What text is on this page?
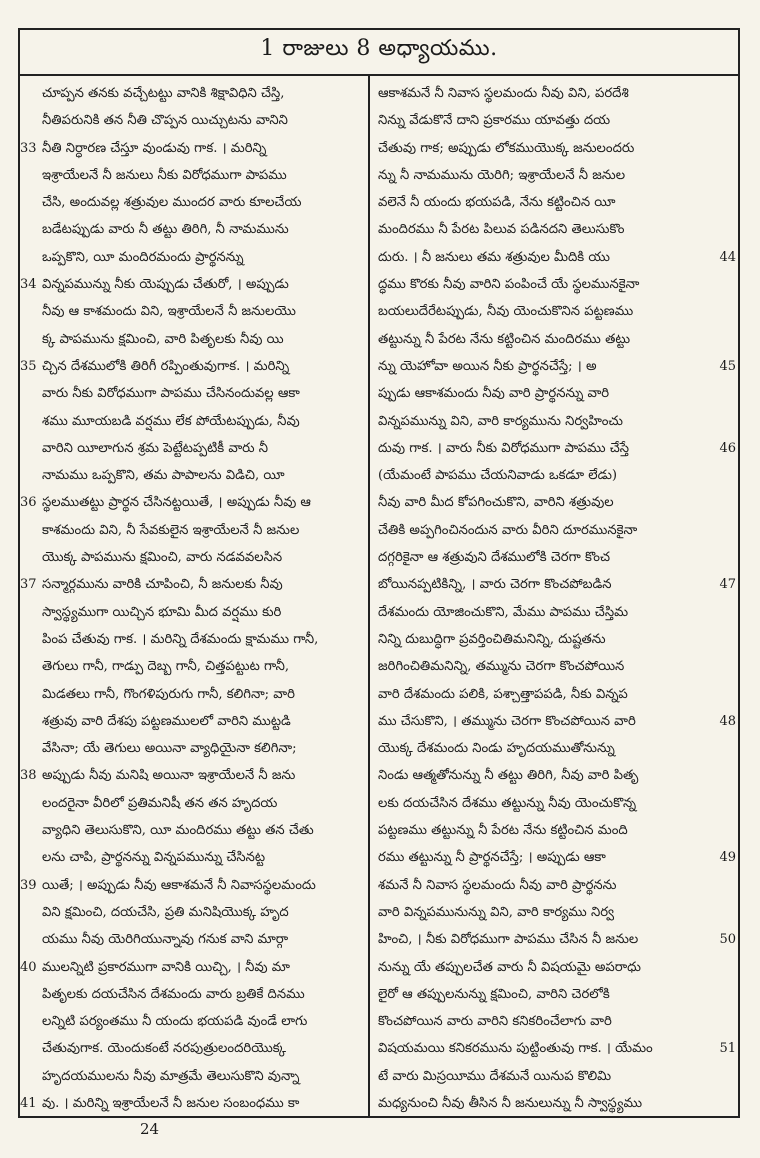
1 రాజులు 8 అధ్యాయము.
చూప్పన తనకు వచ్చేటట్టు వానికి శిక్షావిధిని చేస్తి,
నీతిపరునికి తన నీతి చొప్పన యిచ్చుటను వానిని
33 నీతి నిర్ధారణ చేస్తూ వుండువు గాక. । మరిన్ని
ఇశ్రాయేలనే నీ జనులు నీకు విరోధముగా పాపము
చేసి, అందువల్ల శత్రువుల ముందర వారు కూలచేయ
బడేటప్పుడు వారు నీ తట్టు తిరిగి, నీ నామమును
ఒప్పకొని, యీ మందిరమందు ప్రార్థనన్ను
34 విన్నపమున్ను నీకు యెప్పుడు చేతురో, । అప్పుడు
నీవు ఆ కాశమందు విని, ఇశ్రాయేలనే నీ జనులయొ
క్క పాపమును క్షమించి, వారి పితృలకు నీవు యి
35 చ్చిన దేశములోకి తిరిగీ రప్పింతువుగాక. । మరిన్ని
వారు నీకు విరోధముగా పాపము చేసినందువల్ల ఆకా
శము మూయబడి వర్షము లేక పోయేటప్పుడు, నీవు
వారిని యీలాగున శ్రమ పెట్టేటప్పటికీ వారు నీ
నామము ఒప్పకొని, తమ పాపాలను విడిచి, యీ
36 స్థలముతట్టు ప్రార్థన చేసినట్టయితే, । అప్పుడు నీవు ఆ
కాశమందు విని, నీ సేవకులైన ఇశ్రాయేలనే నీ జనుల
యొక్క పాపమును క్షమించి, వారు నడవవలసిన
37 సన్మార్గమును వారికి చూపించి, నీ జనులకు నీవు
స్వాస్థ్యముగా యిచ్చిన భూమి మీద వర్షము కురి
పింప చేతువు గాక. । మరిన్ని దేశమందు క్షామము గానీ,
తెగులు గానీ, గాడ్పు దెబ్బ గానీ, చిత్తపట్టుట గానీ,
మిడతలు గానీ, గొంగళిపురుగు గానీ, కలిగినా; వారి
శత్రువు వారి దేశపు పట్టణములలో వారిని ముట్టడి
వేసినా; యే తెగులు అయినా వ్యాధియైనా కలిగినా;
38 అప్పుడు నీవు మనిషి అయినా ఇశ్రాయేలనే నీ జను
లందరైనా వీరిలో ప్రతిమనిషీ తన తన హృదయ
వ్యాధిని తెలుసుకొని, యీ మందిరము తట్టు తన చేతు
లను చాపి, ప్రార్థనన్ను విన్నపమున్ను చేసినట్ట
39 యితే; । అప్పుడు నీవు ఆకాశమనే నీ నివాసస్థలమందు
విని క్షమించి, దయచేసి, ప్రతి మనిషియొక్క హృద
యము నీవు యెరిగియున్నావు గనుక వాని మార్గా
40 ములన్నిటి ప్రకారముగా వానికి యిచ్చి, । నీవు మా
పితృలకు దయచేసిన దేశమందు వారు బ్రతికే దినము
లన్నిటి పర్యంతము నీ యందు భయపడి వుండే లాగు
చేతువుగాక. యెందుకంటే నరపుత్రులందరియొక్క
హృదయములను నీవు మాత్రమే తెలుసుకొని వున్నా
41 వు. । మరిన్ని ఇశ్రాయేలనే నీ జనుల సంబంధము కా
ఆకాశమనే నీ నివాస స్థలమందు నీవు విని, పరదేశి
నిన్ను వేడుకొనే దాని ప్రకారము యావత్తు దయ
చేతువు గాక; అప్పుడు లోకముయొక్క జనులందరు
న్ను నీ నామమును యెరిగి; ఇశ్రాయేలనే నీ జనుల
వలెనే నీ యందు భయపడి, నేను కట్టించిన యీ
మందిరము నీ పేరట పిలువ పడినదని తెలుసుకొం
44
దురు. । నీ జనులు తమ శత్రువుల మీదికి యు
ద్ధము కొరకు నీవు వారిని పంపించే యే స్థలమునకైనా
బయలుదేరేటప్పుడు, నీవు యెంచుకొనిన పట్టణము
తట్టున్ను నీ పేరట నేను కట్టించిన మందిరము తట్టు
45
న్ను యెహోవా అయిన నీకు ప్రార్థనచేస్తే; । అ
ప్పుడు ఆకాశమందు నీవు వారి ప్రార్థనన్ను వారి
విన్నపమున్ను విని, వారి కార్యమును నిర్వహించు
46
దువు గాక. । వారు నీకు విరోధముగా పాపము చేస్తే
(యేమంటే పాపము చేయనివాడు ఒకడూ లేడు)
నీవు వారి మీద కోపగించుకొని, వారిని శత్రువుల
చేతికి అప్పగించినందున వారు వీరిని దూరమునకైనా
దగ్గరికైనా ఆ శత్రువుని దేశములోకి చెరగా కొంచ
47
బోయినప్పటికిన్ని, । వారు చెరగా కొంచపోబడిన
దేశమందు యోజించుకొని, మేము పాపము చేస్తిమ
నిన్ని దుబుద్ధిగా ప్రవర్తించితిమనిన్ని, దుష్టతను
జరిగించితిమనిన్ని, తమ్మును చెరగా కొంచపోయిన
వారి దేశమందు పలికి, పశ్చాత్తాపపడి, నీకు విన్నప
48
ము చేసుకొని, । తమ్మును చెరగా కొంచపోయిన వారి
యొక్క దేశమందు నిండు హృదయముతోనున్ను
నిండు ఆత్మతోనున్ను నీ తట్టు తిరిగి, నీవు వారి పితృ
లకు దయచేసిన దేశము తట్టున్ను నీవు యెంచుకొన్న
పట్టణము తట్టున్ను నీ పేరట నేను కట్టించిన మంది
49
రము తట్టున్ను నీ ప్రార్థనచేస్తే; । అప్పుడు ఆకా
శమనే నీ నివాస స్థలమందు నీవు వారి ప్రార్థనను
వారి విన్నపమునున్ను విని, వారి కార్యము నిర్వ
50
హించి, । నీకు విరోధముగా పాపము చేసిన నీ జనుల
నున్ను యే తప్పులచేత వారు నీ విషయమై అపరాధు
లైరో ఆ తప్పులనున్ను క్షమించి, వారిని చెరలోకి
కొంచపోయిన వారు వారిని కనికరించేలాగు వారి
51
విషయమయి కనికరమును పుట్టింతువు గాక. । యేమం
టే వారు మిస్రయీము దేశమనే యినుప కొలిమి
మధ్యనుంచి నీవు తీసిన నీ జనులున్ను నీ స్వాస్థ్యము
24
